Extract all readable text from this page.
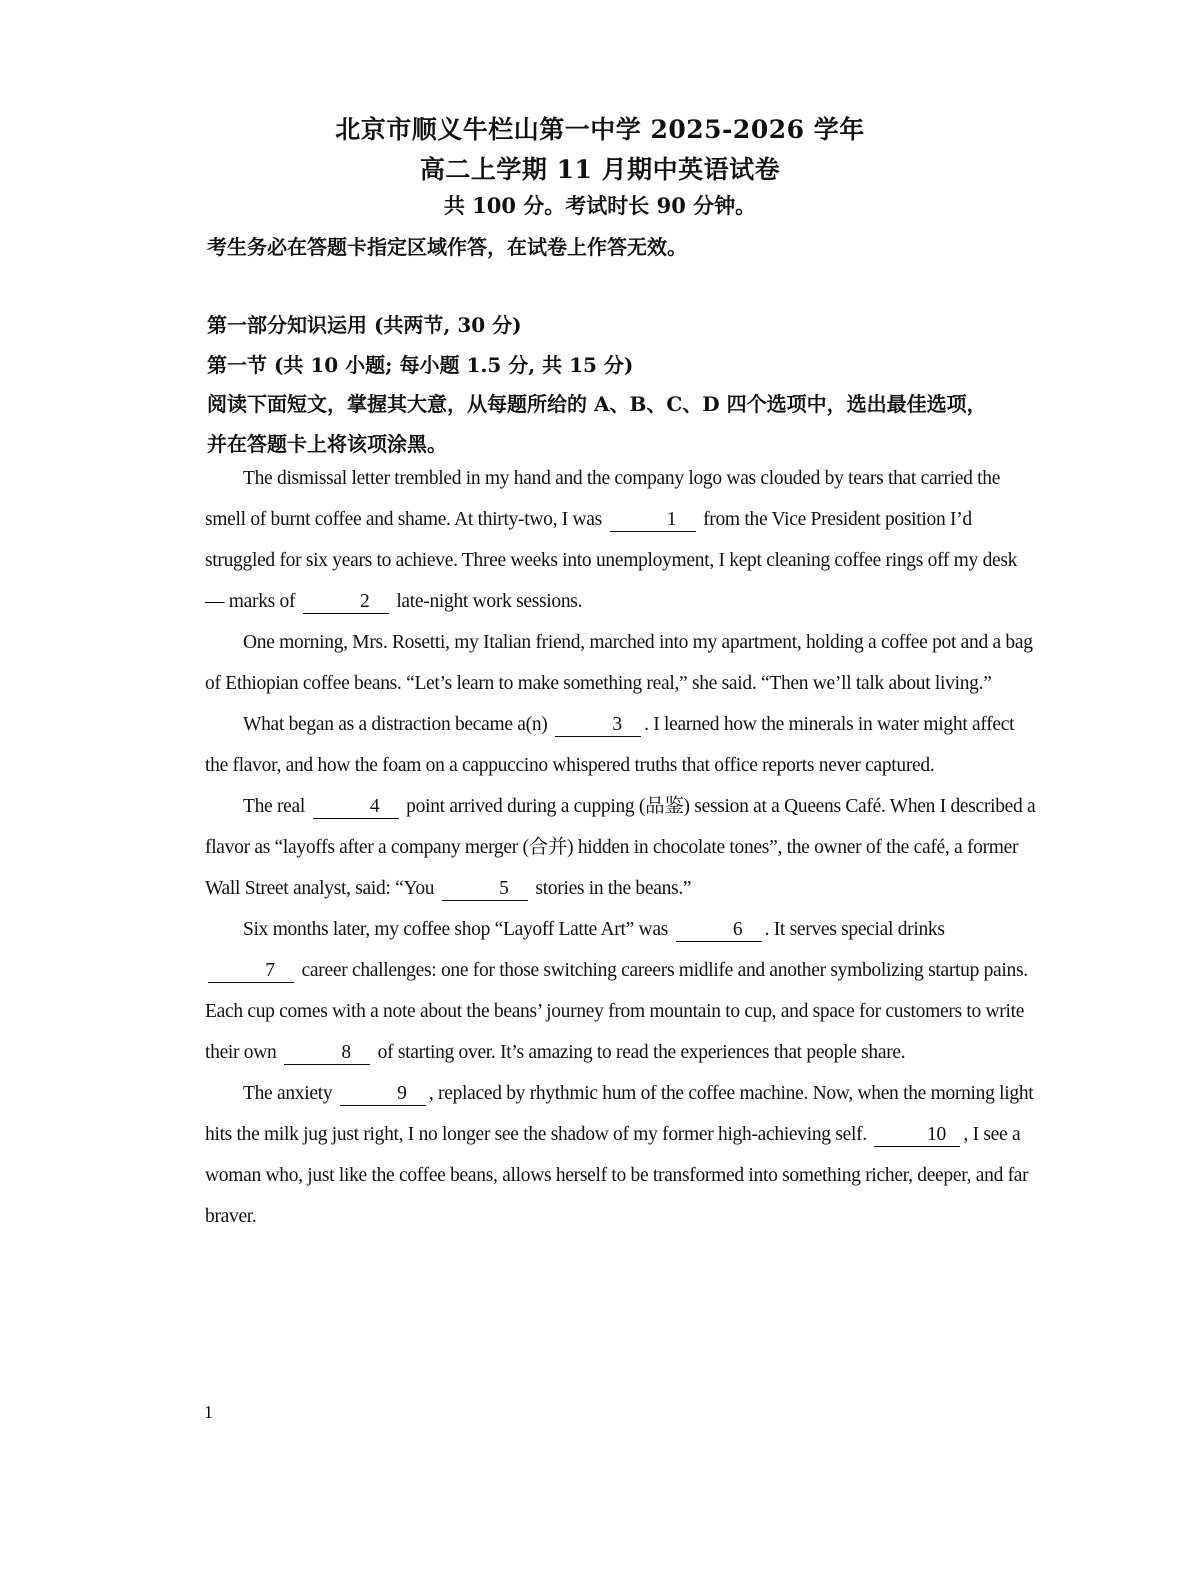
北京市顺义牛栏山第一中学 2025-2026 学年
高二上学期 11 月期中英语试卷
共 100 分。考试时长 90 分钟。
考生务必在答题卡指定区域作答，在试卷上作答无效。
第一部分知识运用 (共两节, 30 分)
第一节 (共 10 小题; 每小题 1.5 分, 共 15 分)
阅读下面短文，掌握其大意，从每题所给的 A、B、C、D 四个选项中，选出最佳选项，
并在答题卡上将该项涂黑。

The dismissal letter trembled in my hand and the company logo was clouded by tears that carried the smell of burnt coffee and shame. At thirty-two, I was	1 from the Vice President position I’d struggled for six years to achieve. Three weeks into unemployment, I kept cleaning coffee rings off my desk — marks of	2 late-night work sessions.

One morning, Mrs. Rosetti, my Italian friend, marched into my apartment, holding a coffee pot and a bag of Ethiopian coffee beans. “Let’s learn to make something real,” she said. “Then we’ll talk about living.”

What began as a distraction became a(n)	3 . I learned how the minerals in water might affect the flavor, and how the foam on a cappuccino whispered truths that office reports never captured.

The real	4 point arrived during a cupping (品鉴) session at a Queens Café. When I described a flavor as “layoffs after a company merger (合并) hidden in chocolate tones”, the owner of the café, a former Wall Street analyst, said: “You	5 stories in the beans.”

Six months later, my coffee shop “Layoff Latte Art” was	6 . It serves special drinks 7 career challenges: one for those switching careers midlife and another symbolizing startup pains. Each cup comes with a note about the beans’ journey from mountain to cup, and space for customers to write their own	8 of starting over. It’s amazing to read the experiences that people share.

The anxiety	9 , replaced by rhythmic hum of the coffee machine. Now, when the morning light hits the milk jug just right, I no longer see the shadow of my former high-achieving self.	10 , I see a woman who, just like the coffee beans, allows herself to be transformed into something richer, deeper, and far braver.

1
